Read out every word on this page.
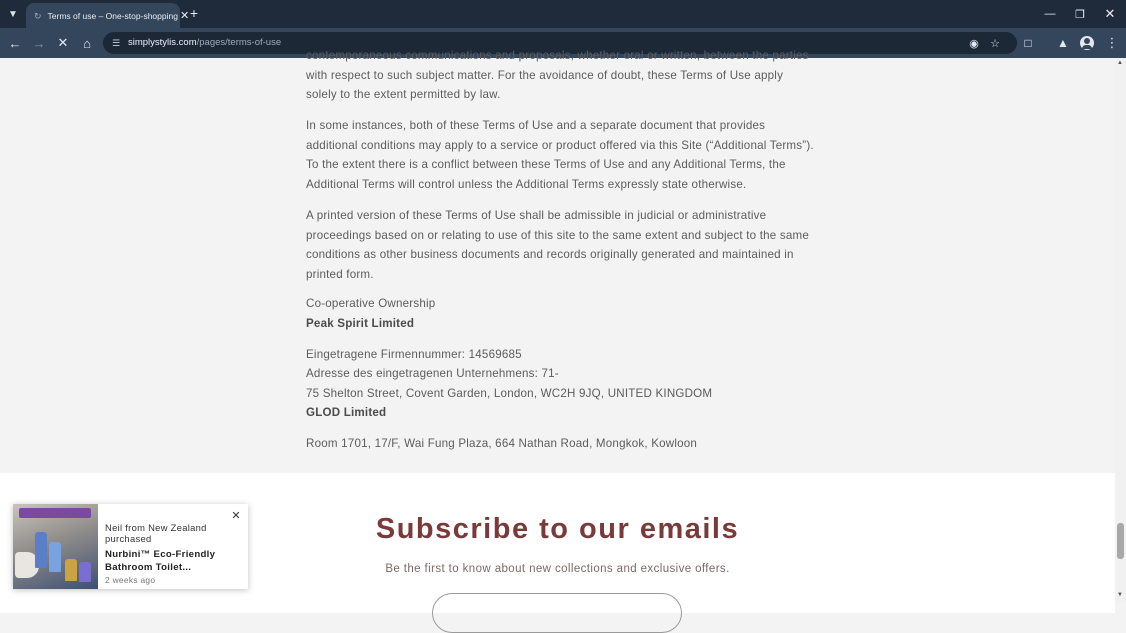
▼	↻ Terms of use – One-stop-shopping ✕ +	—	❐	✕
← → ✕	⌂	☰ simplystylis.com/pages/terms-of-use	◉ ☆	□	▲	⋮

contemporaneous communications and proposals, whether oral or written, between the parties with respect to such subject matter. For the avoidance of doubt, these Terms of Use apply solely to the extent permitted by law.

In some instances, both of these Terms of Use and a separate document that provides additional conditions may apply to a service or product offered via this Site (“Additional Terms”). To the extent there is a conflict between these Terms of Use and any Additional Terms, the Additional Terms will control unless the Additional Terms expressly state otherwise.

A printed version of these Terms of Use shall be admissible in judicial or administrative proceedings based on or relating to use of this site to the same extent and subject to the same conditions as other business documents and records originally generated and maintained in printed form.

Co-operative Ownership
Peak Spirit Limited
Eingetragene Firmennummer: 14569685
Adresse des eingetragenen Unternehmens: 71-
75 Shelton Street, Covent Garden, London, WC2H 9JQ, UNITED KINGDOM
GLOD Limited
Room 1701, 17/F, Wai Fung Plaza, 664 Nathan Road, Mongkok, Kowloon
Subscribe to our emails
Be the first to know about new collections and exclusive offers.
▲
▼
✕
Neil from New Zealand purchased
Nurbini™ Eco-Friendly Bathroom Toilet...
2 weeks ago
